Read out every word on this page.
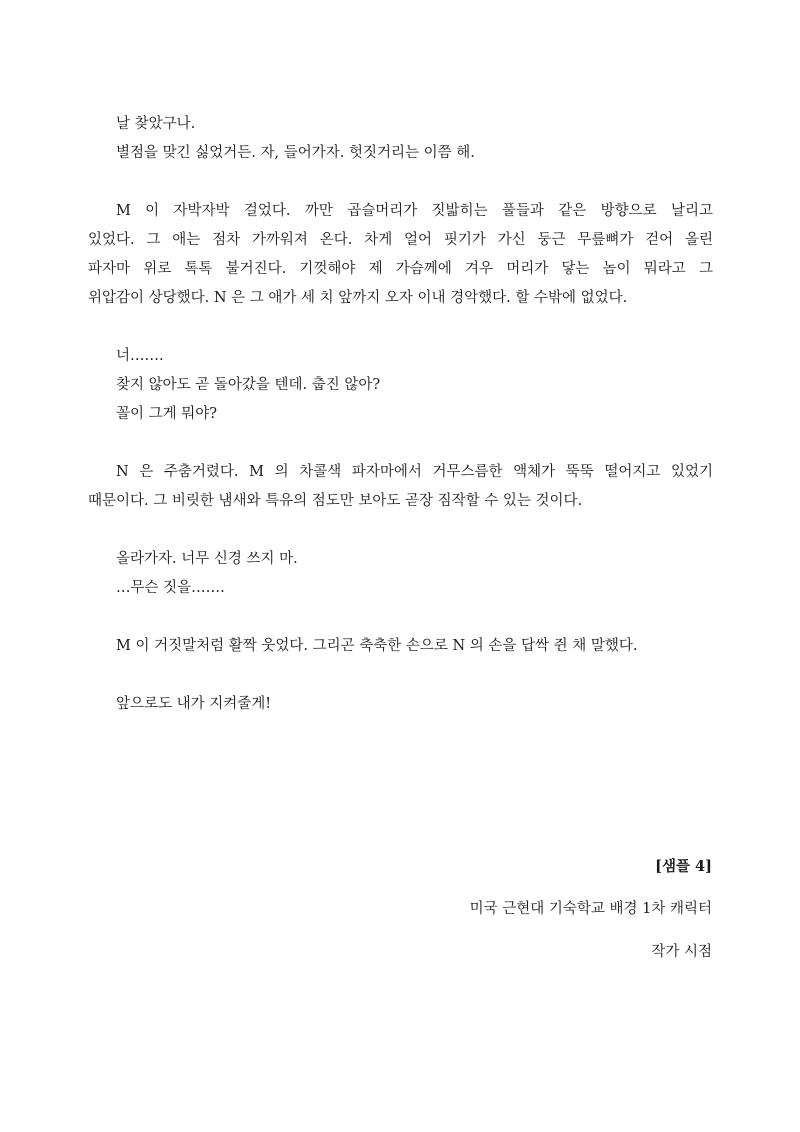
날 찾았구나.
별점을 맞긴 싫었거든. 자, 들어가자. 헛짓거리는 이쯤 해.
M 이 자박자박 걸었다. 까만 곱슬머리가 짓밟히는 풀들과 같은 방향으로 날리고
있었다. 그 애는 점차 가까워져 온다. 차게 얼어 핏기가 가신 둥근 무릎뼈가 걷어 올린
파자마 위로 톡톡 불거진다. 기껏해야 제 가슴께에 겨우 머리가 닿는 놈이 뭐라고 그
위압감이 상당했다. N 은 그 애가 세 치 앞까지 오자 이내 경악했다. 할 수밖에 없었다.
너…….
찾지 않아도 곧 돌아갔을 텐데. 춥진 않아?
꼴이 그게 뭐야?
N 은 주춤거렸다. M 의 차콜색 파자마에서 거무스름한 액체가 뚝뚝 떨어지고 있었기
때문이다. 그 비릿한 냄새와 특유의 점도만 보아도 곧장 짐작할 수 있는 것이다.
올라가자. 너무 신경 쓰지 마.
…무슨 짓을…….
M 이 거짓말처럼 활짝 웃었다. 그리곤 축축한 손으로 N 의 손을 답싹 쥔 채 말했다.
앞으로도 내가 지켜줄게!
[샘플 4]
미국 근현대 기숙학교 배경 1차 캐릭터
작가 시점
